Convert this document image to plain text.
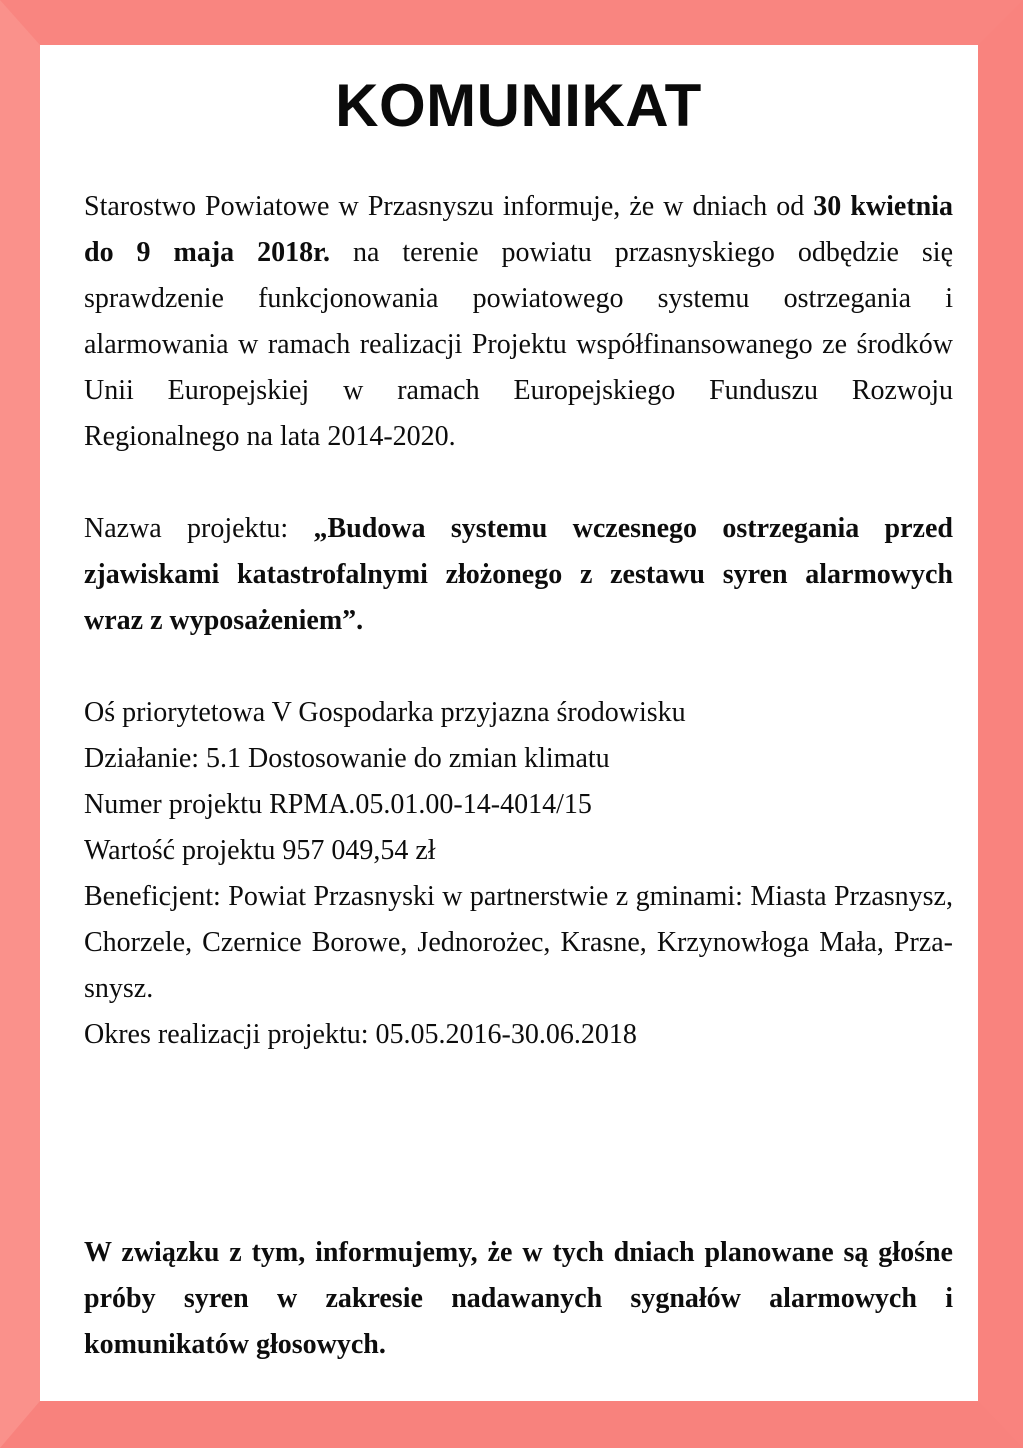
KOMUNIKAT

Starostwo Powiatowe w Przasnyszu informuje, że w dniach od 30 kwietnia do 9 maja 2018r. na terenie powiatu przasnyskiego odbędzie się sprawdzenie funkcjonowania powiatowego systemu ostrzegania i alarmowania w ramach realizacji Projektu współfinansowanego ze środków Unii Europejskiej w ramach Europejskiego Funduszu Rozwoju Regionalnego na lata 2014-2020.

Nazwa projektu: „Budowa systemu wczesnego ostrzegania przed zjawiskami katastrofalnymi złożonego z zestawu syren alarmowych wraz z wyposażeniem”.

Oś priorytetowa V Gospodarka przyjazna środowisku

Działanie: 5.1 Dostosowanie do zmian klimatu

Numer projektu RPMA.05.01.00-14-4014/15

Wartość projektu 957 049,54 zł

Beneficjent: Powiat Przasnyski w partnerstwie z gminami: Miasta Przasnysz, Chorzele, Czernice Borowe, Jednorożec, Krasne, Krzynowłoga Mała, Przasnysz.

Okres realizacji projektu: 05.05.2016-30.06.2018

W związku z tym, informujemy, że w tych dniach planowane są głośne próby syren w zakresie nadawanych sygnałów alarmowych i komunikatów głosowych.
